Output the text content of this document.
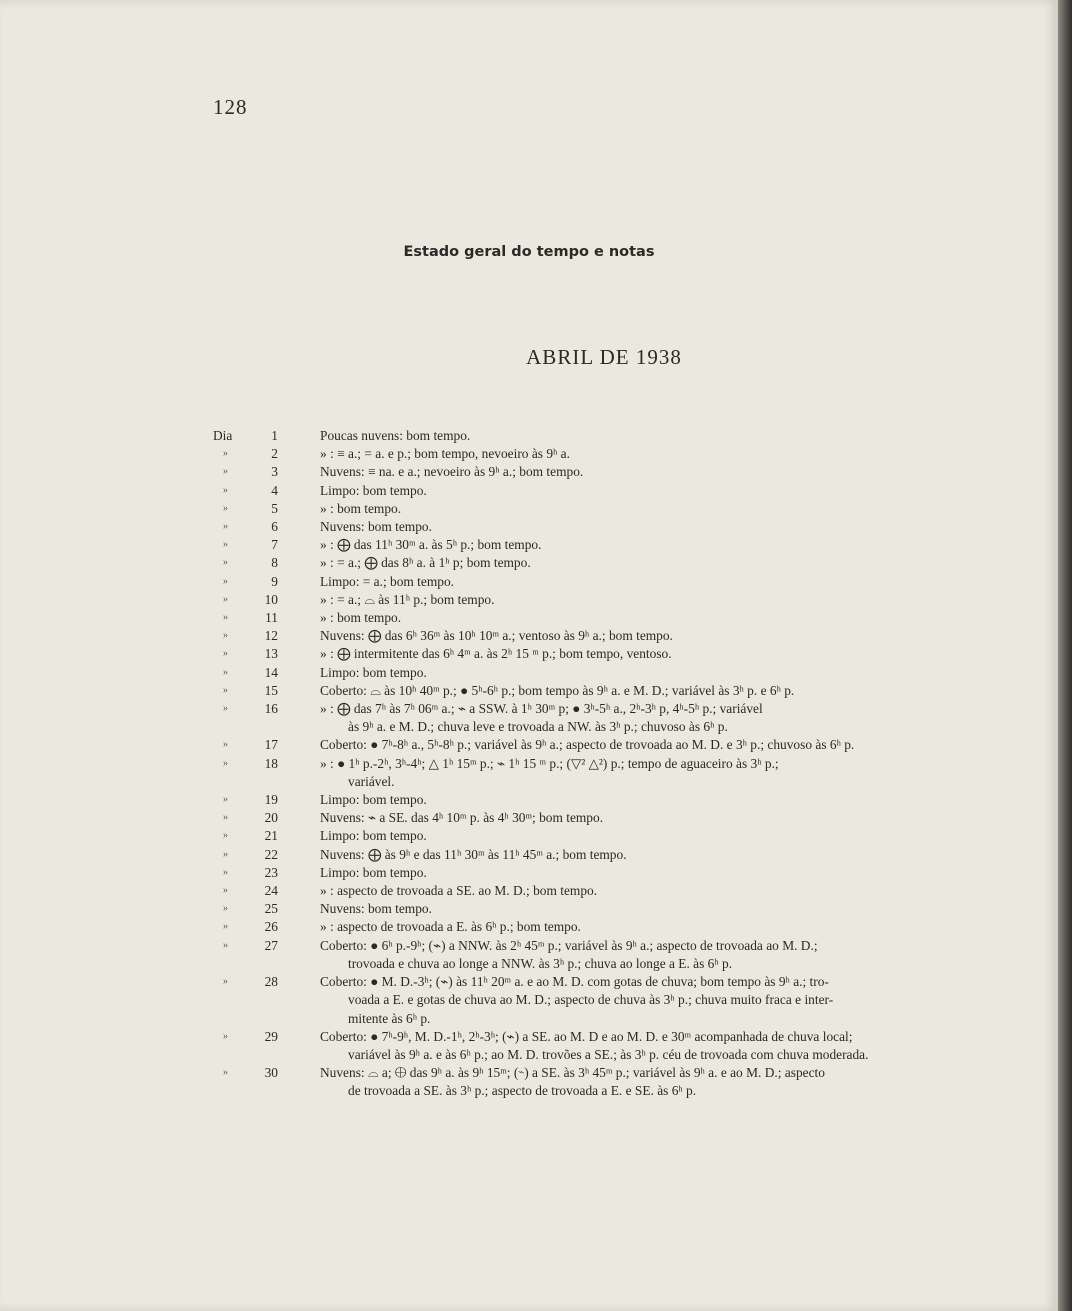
128
Estado geral do tempo e notas
ABRIL DE 1938
Dia	1	Poucas nuvens: bom tempo.
»	2	» : ≡ a.; = a. e p.; bom tempo, nevoeiro às 9ʰ a.
»	3	Nuvens: ≡ na. e a.; nevoeiro às 9ʰ a.; bom tempo.
»	4	Limpo: bom tempo.
»	5	» : bom tempo.
»	6	Nuvens: bom tempo.
»	7	» : ⨁ das 11ʰ 30ᵐ a. às 5ʰ p.; bom tempo.
»	8	» : = a.; ⨁ das 8ʰ a. à 1ʰ p; bom tempo.
»	9	Limpo: = a.; bom tempo.
»	10	» : = a.; ⌓ às 11ʰ p.; bom tempo.
»	11	» : bom tempo.
»	12	Nuvens: ⨁ das 6ʰ 36ᵐ às 10ʰ 10ᵐ a.; ventoso às 9ʰ a.; bom tempo.
»	13	» : ⨁ intermitente das 6ʰ 4ᵐ a. às 2ʰ 15 ᵐ p.; bom tempo, ventoso.
»	14	Limpo: bom tempo.
»	15	Coberto: ⌓ às 10ʰ 40ᵐ p.; ● 5ʰ-6ʰ p.; bom tempo às 9ʰ a. e M. D.; variável às 3ʰ p. e 6ʰ p.
»	16	» : ⨁ das 7ʰ às 7ʰ 06ᵐ a.; ⌁ a SSW. à 1ʰ 30ᵐ p; ● 3ʰ-5ʰ a., 2ʰ-3ʰ p, 4ʰ-5ʰ p.; variável
às 9ʰ a. e M. D.; chuva leve e trovoada a NW. às 3ʰ p.; chuvoso às 6ʰ p.
»	17	Coberto: ● 7ʰ-8ʰ a., 5ʰ-8ʰ p.; variável às 9ʰ a.; aspecto de trovoada ao M. D. e 3ʰ p.; chuvoso às 6ʰ p.
»	18	» : ● 1ʰ p.-2ʰ, 3ʰ-4ʰ; △ 1ʰ 15ᵐ p.; ⌁ 1ʰ 15 ᵐ p.; (▽² △²) p.; tempo de aguaceiro às 3ʰ p.;
variável.
»	19	Limpo: bom tempo.
»	20	Nuvens: ⌁ a SE. das 4ʰ 10ᵐ p. às 4ʰ 30ᵐ; bom tempo.
»	21	Limpo: bom tempo.
»	22	Nuvens: ⨁ às 9ʰ e das 11ʰ 30ᵐ às 11ʰ 45ᵐ a.; bom tempo.
»	23	Limpo: bom tempo.
»	24	» : aspecto de trovoada a SE. ao M. D.; bom tempo.
»	25	Nuvens: bom tempo.
»	26	» : aspecto de trovoada a E. às 6ʰ p.; bom tempo.
»	27	Coberto: ● 6ʰ p.-9ʰ; (⌁) a NNW. às 2ʰ 45ᵐ p.; variável às 9ʰ a.; aspecto de trovoada ao M. D.;
trovoada e chuva ao longe a NNW. às 3ʰ p.; chuva ao longe a E. às 6ʰ p.
»	28	Coberto: ● M. D.-3ʰ; (⌁) às 11ʰ 20ᵐ a. e ao M. D. com gotas de chuva; bom tempo às 9ʰ a.; tro-
voada a E. e gotas de chuva ao M. D.; aspecto de chuva às 3ʰ p.; chuva muito fraca e inter-
mitente às 6ʰ p.
»	29	Coberto: ● 7ʰ-9ʰ, M. D.-1ʰ, 2ʰ-3ʰ; (⌁) a SE. ao M. D e ao M. D. e 30ᵐ acompanhada de chuva local;
variável às 9ʰ a. e às 6ʰ p.; ao M. D. trovões a SE.; às 3ʰ p. céu de trovoada com chuva moderada.
»	30	Nuvens: ⌓ a; ⨁ das 9ʰ a. às 9ʰ 15ᵐ; (⌁) a SE. às 3ʰ 45ᵐ p.; variável às 9ʰ a. e ao M. D.; aspecto
de trovoada a SE. às 3ʰ p.; aspecto de trovoada a E. e SE. às 6ʰ p.
